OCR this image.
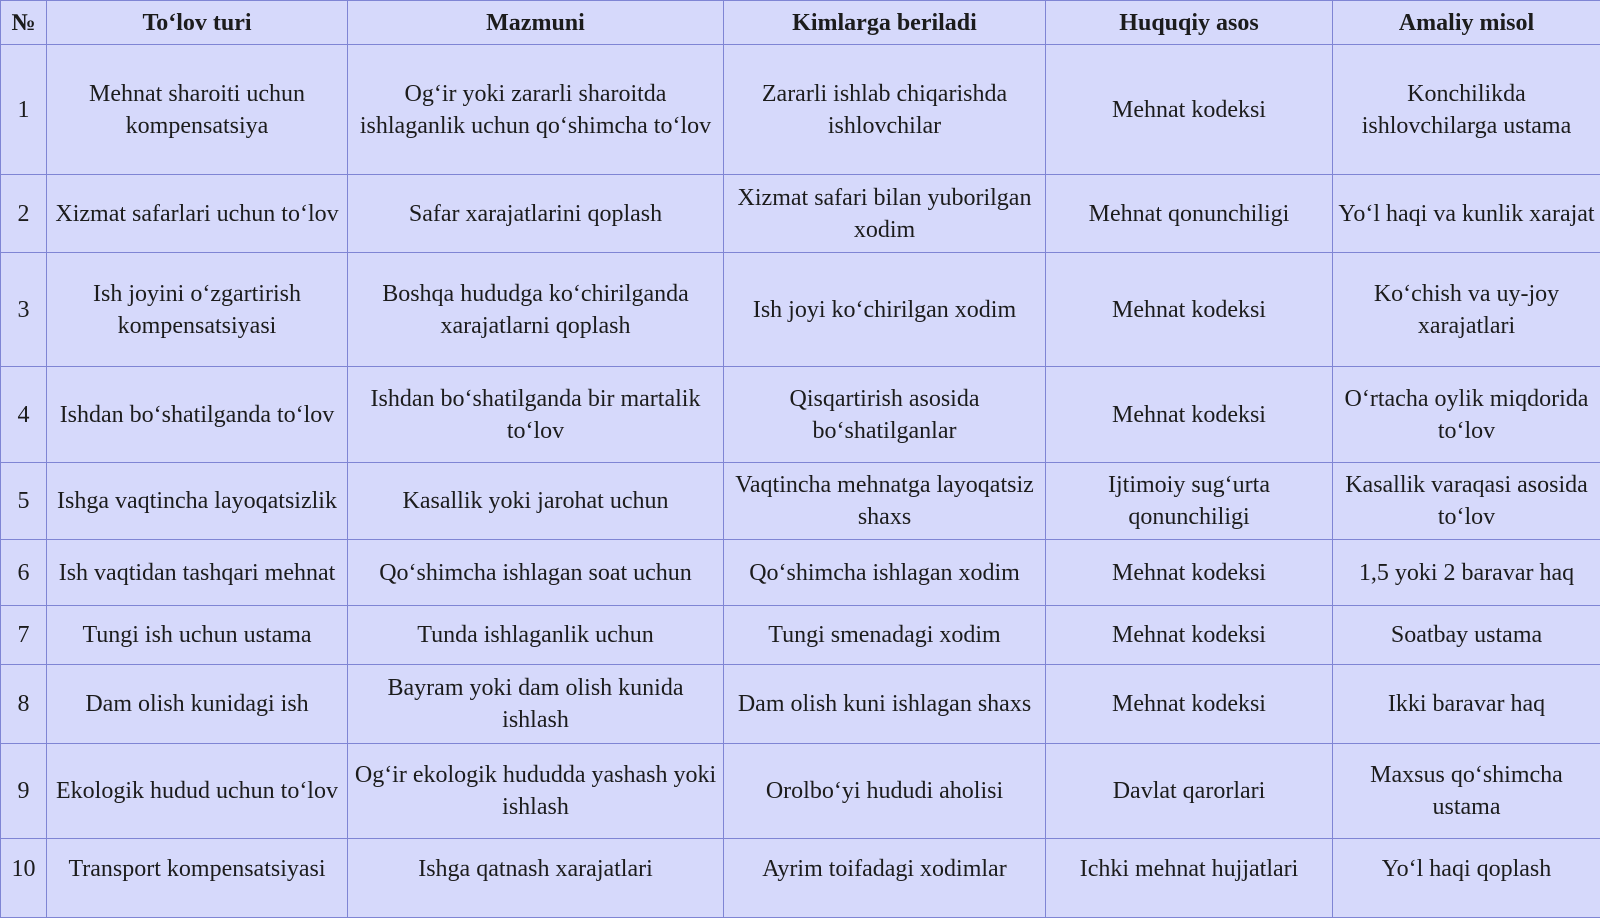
№	To‘lov turi	Mazmuni	Kimlarga beriladi	Huquqiy asos	Amaliy misol
1	Mehnat sharoiti uchun kompensatsiya	Og‘ir yoki zararli sharoitda ishlaganlik uchun qo‘shimcha to‘lov	Zararli ishlab chiqarishda ishlovchilar	Mehnat kodeksi	Konchilikda ishlovchilarga ustama
2	Xizmat safarlari uchun to‘lov	Safar xarajatlarini qoplash	Xizmat safari bilan yuborilgan xodim	Mehnat qonunchiligi	Yo‘l haqi va kunlik xarajat
3	Ish joyini o‘zgartirish kompensatsiyasi	Boshqa hududga ko‘chirilganda xarajatlarni qoplash	Ish joyi ko‘chirilgan xodim	Mehnat kodeksi	Ko‘chish va uy-joy xarajatlari
4	Ishdan bo‘shatilganda to‘lov	Ishdan bo‘shatilganda bir martalik to‘lov	Qisqartirish asosida bo‘shatilganlar	Mehnat kodeksi	O‘rtacha oylik miqdorida to‘lov
5	Ishga vaqtincha layoqatsizlik	Kasallik yoki jarohat uchun	Vaqtincha mehnatga layoqatsiz shaxs	Ijtimoiy sug‘urta qonunchiligi	Kasallik varaqasi asosida to‘lov
6	Ish vaqtidan tashqari mehnat	Qo‘shimcha ishlagan soat uchun	Qo‘shimcha ishlagan xodim	Mehnat kodeksi	1,5 yoki 2 baravar haq
7	Tungi ish uchun ustama	Tunda ishlaganlik uchun	Tungi smenadagi xodim	Mehnat kodeksi	Soatbay ustama
8	Dam olish kunidagi ish	Bayram yoki dam olish kunida ishlash	Dam olish kuni ishlagan shaxs	Mehnat kodeksi	Ikki baravar haq
9	Ekologik hudud uchun to‘lov	Og‘ir ekologik hududda yashash yoki ishlash	Orolbo‘yi hududi aholisi	Davlat qarorlari	Maxsus qo‘shimcha ustama
10	Transport kompensatsiyasi	Ishga qatnash xarajatlari	Ayrim toifadagi xodimlar	Ichki mehnat hujjatlari	Yo‘l haqi qoplash
